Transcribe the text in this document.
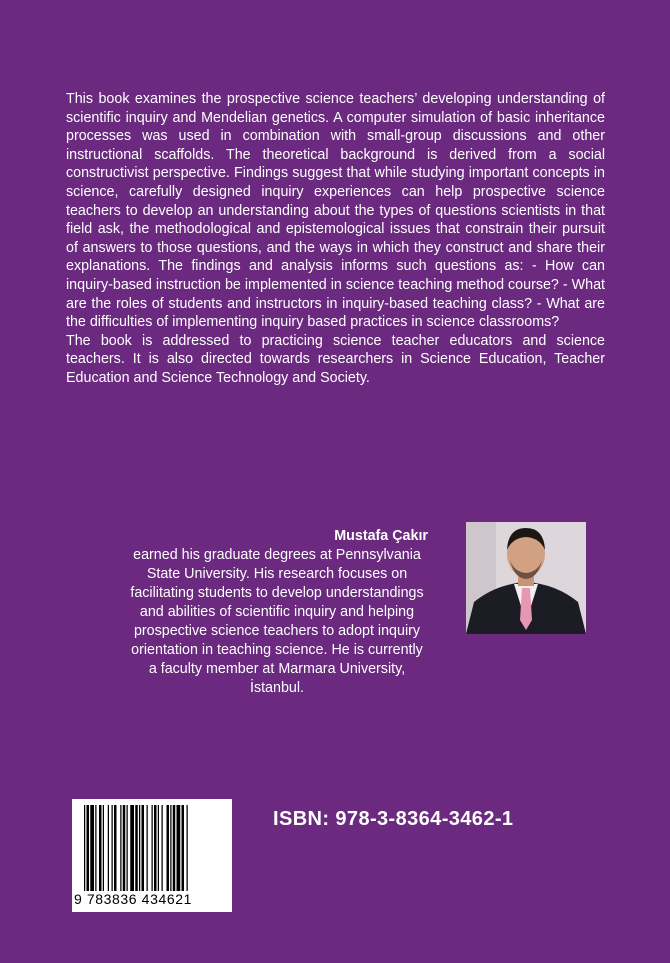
This book examines the prospective science teachers’ developing understanding of scientific inquiry and Mendelian genetics. A computer simulation of basic inheritance processes was used in combination with small-group discussions and other instructional scaffolds. The theoretical background is derived from a social constructivist perspective. Findings suggest that while studying important concepts in science, carefully designed inquiry experiences can help prospective science teachers to develop an understanding about the types of questions scientists in that field ask, the methodological and epistemological issues that constrain their pursuit of answers to those questions, and the ways in which they construct and share their explanations. The findings and analysis informs such questions as: - How can inquiry-based instruction be implemented in science teaching method course? - What are the roles of students and instructors in inquiry-based teaching class? - What are the difficulties of implementing inquiry based practices in science classrooms?

The book is addressed to practicing science teacher educators and science teachers. It is also directed towards researchers in Science Education, Teacher Education and Science Technology and Society.

Mustafa Çakır

earned his graduate degrees at Pennsylvania State University. His research focuses on facilitating students to develop understandings and abilities of scientific inquiry and helping prospective science teachers to adopt inquiry orientation in teaching science. He is currently a faculty member at Marmara University, İstanbul.

9 783836 434621
ISBN: 978-3-8364-3462-1
